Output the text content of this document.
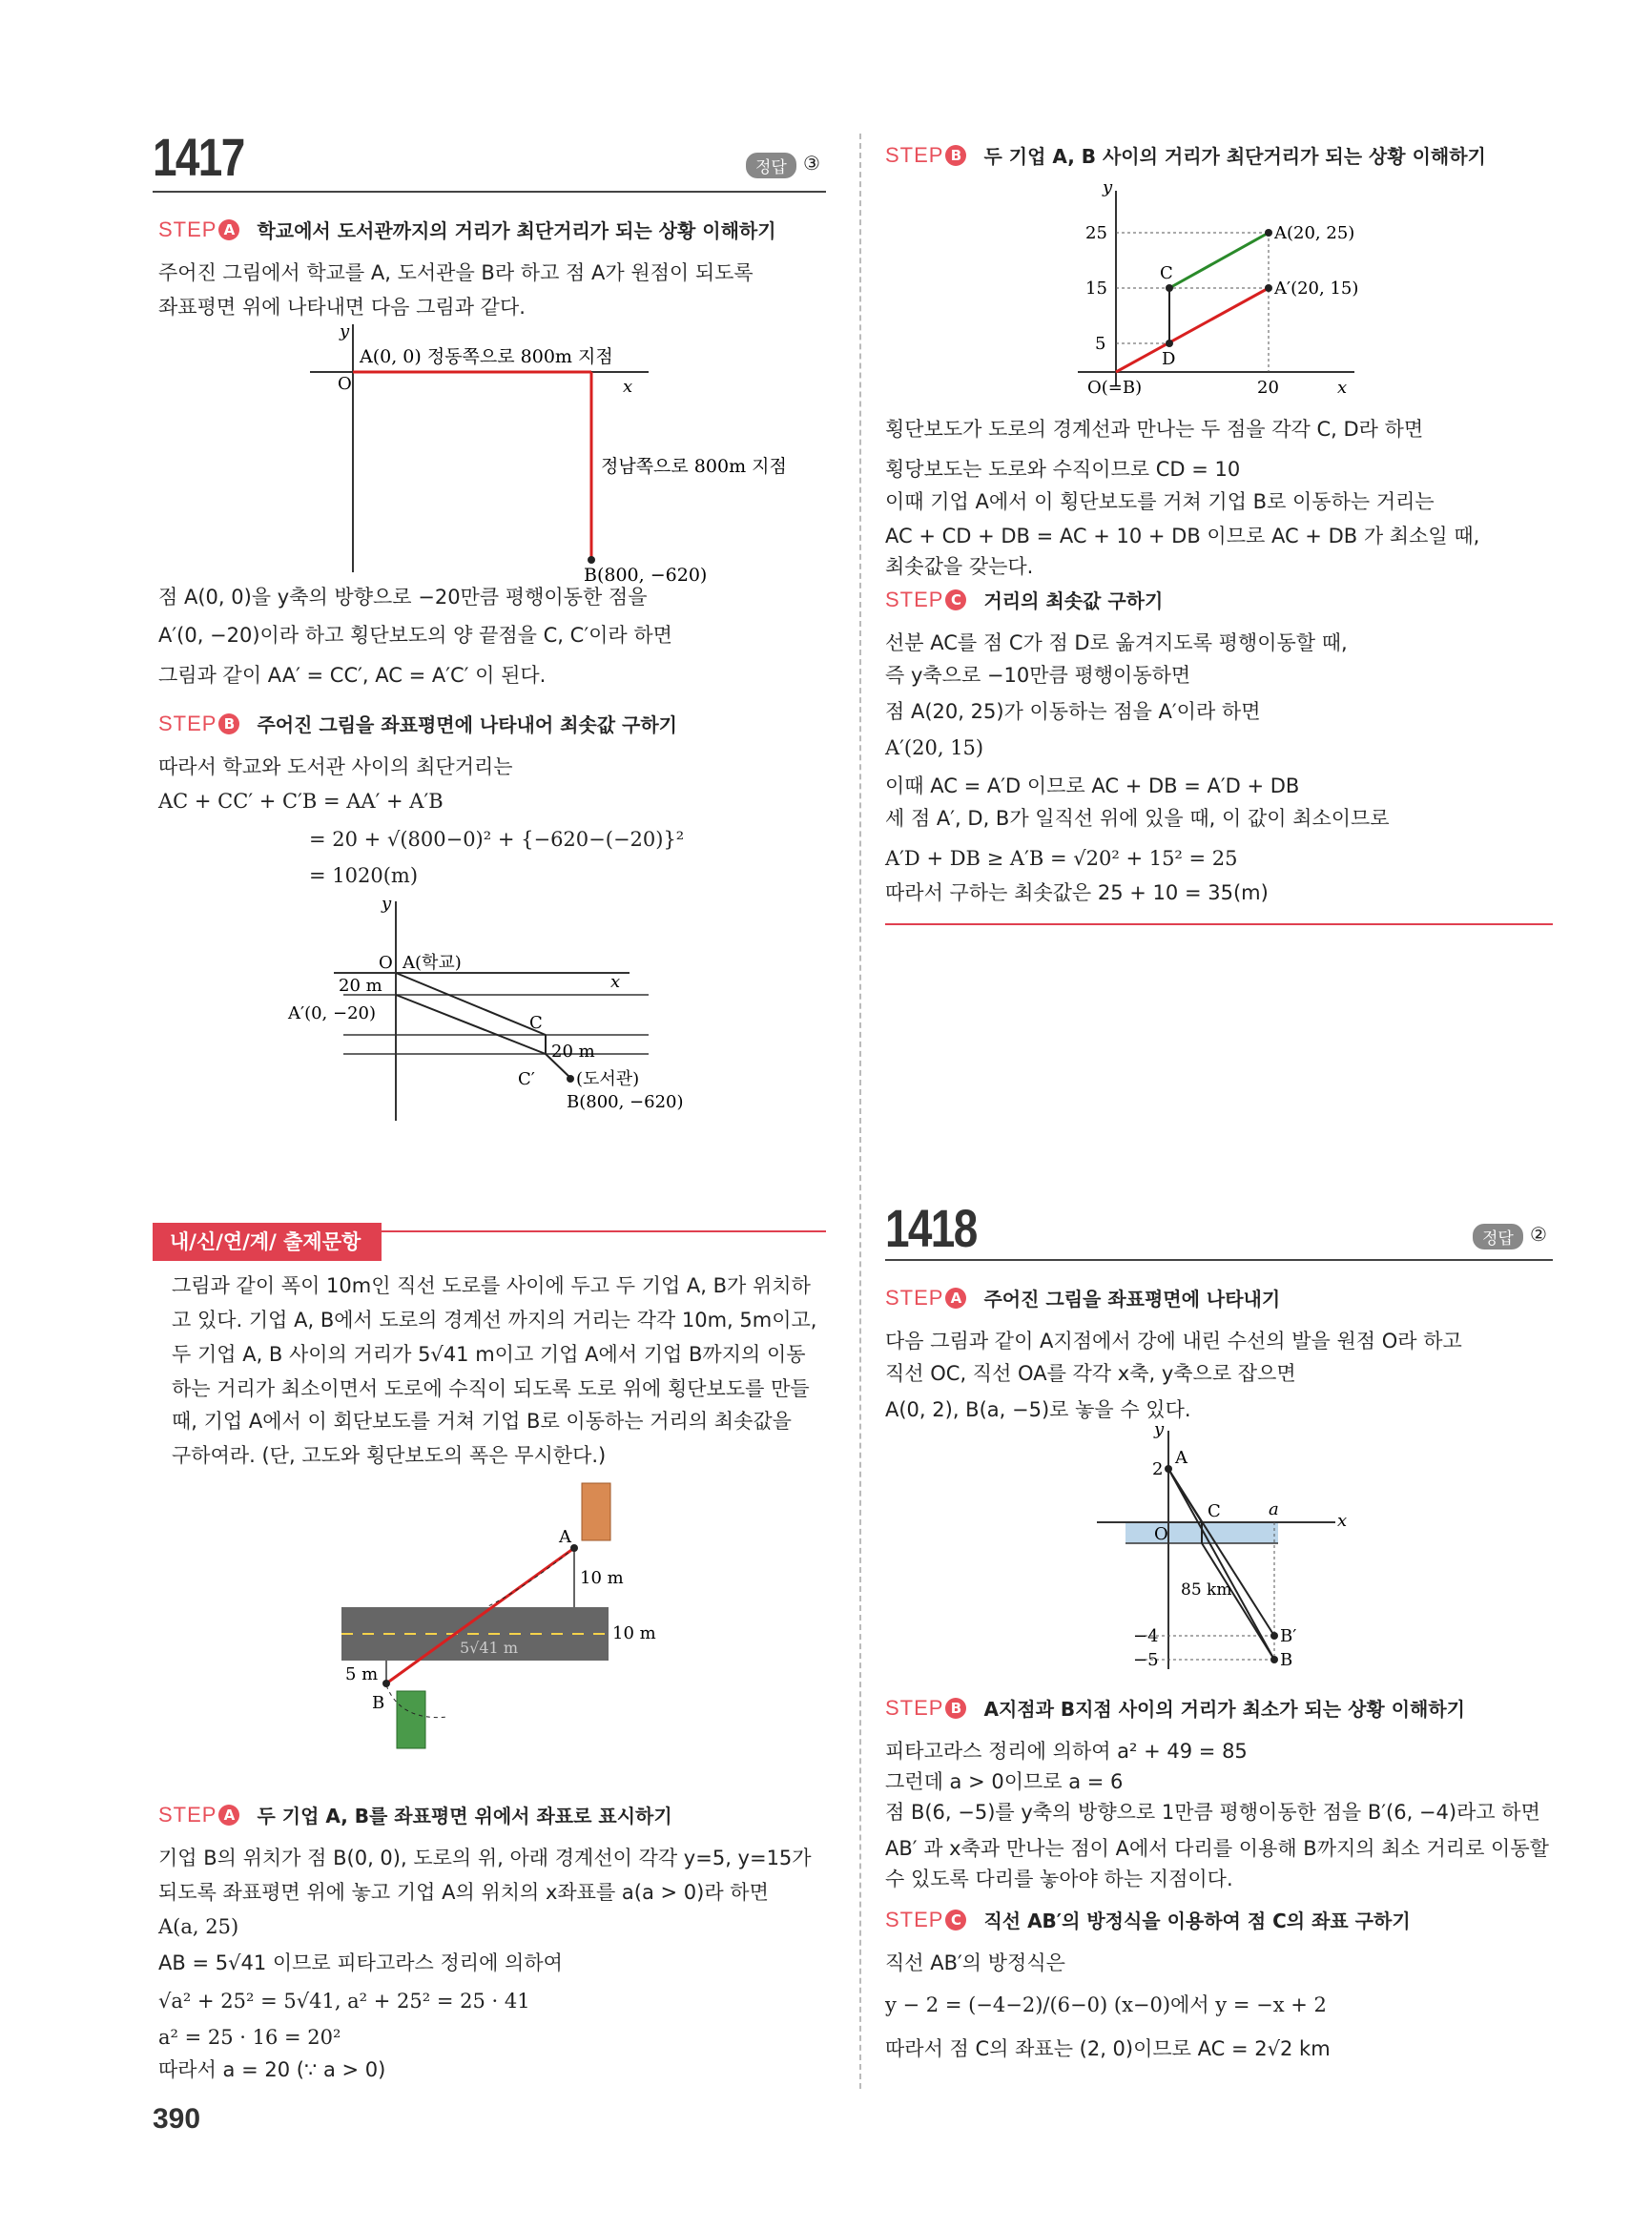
1417	정답 ③
STEP A 학교에서 도서관까지의 거리가 최단거리가 되는 상황 이해하기
주어진 그림에서 학교를 A, 도서관을 B라 하고 점 A가 원점이 되도록
좌표평면 위에 나타내면 다음 그림과 같다.
y
x
O
A(0, 0) 정동쪽으로 800m 지점
정남쪽으로 800m 지점
B(800, −620)
점 A(0, 0)을 y축의 방향으로 −20만큼 평행이동한 점을
A′(0, −20)이라 하고 횡단보도의 양 끝점을 C, C′이라 하면
그림과 같이 AA′ = CC′, AC = A′C′ 이 된다.
STEP B 주어진 그림을 좌표평면에 나타내어 최솟값 구하기
따라서 학교와 도서관 사이의 최단거리는
AC + CC′ + C′B = AA′ + A′B
= 20 + √(800−0)² + {−620−(−20)}²
= 1020(m)
y
x
O A(학교)
20 m
A′(0, −20)	C
20 m
C′ (도서관)
B(800, −620)
내/신/연/계/ 출제문항
그림과 같이 폭이 10m인 직선 도로를 사이에 두고 두 기업 A, B가 위치하
고 있다. 기업 A, B에서 도로의 경계선 까지의 거리는 각각 10m, 5m이고,
두 기업 A, B 사이의 거리가 5√41 m이고 기업 A에서 기업 B까지의 이동
하는 거리가 최소이면서 도로에 수직이 되도록 도로 위에 횡단보도를 만들
때, 기업 A에서 이 회단보도를 거쳐 기업 B로 이동하는 거리의 최솟값을
구하여라. (단, 고도와 횡단보도의 폭은 무시한다.)
A
B
10 m
10 m
5 m
5√41 m
STEP A 두 기업 A, B를 좌표평면 위에서 좌표로 표시하기
기업 B의 위치가 점 B(0, 0), 도로의 위, 아래 경계선이 각각 y=5, y=15가
되도록 좌표평면 위에 놓고 기업 A의 위치의 x좌표를 a(a > 0)라 하면
A(a, 25)
AB = 5√41 이므로 피타고라스 정리에 의하여
√a² + 25² = 5√41, a² + 25² = 25 · 41
a² = 25 · 16 = 20²
따라서 a = 20 (∵ a > 0)
390
STEP B 두 기업 A, B 사이의 거리가 최단거리가 되는 상황 이해하기
y
x
O(=B)
25
15
5
20
A(20, 25)
A′(20, 15)
C
D
횡단보도가 도로의 경계선과 만나는 두 점을 각각 C, D라 하면
횡당보도는 도로와 수직이므로 CD = 10
이때 기업 A에서 이 횡단보도를 거쳐 기업 B로 이동하는 거리는
AC + CD + DB = AC + 10 + DB 이므로 AC + DB 가 최소일 때,
최솟값을 갖는다.
STEP C 거리의 최솟값 구하기
선분 AC를 점 C가 점 D로 옮겨지도록 평행이동할 때,
즉 y축으로 −10만큼 평행이동하면
점 A(20, 25)가 이동하는 점을 A′이라 하면
A′(20, 15)
이때 AC = A′D 이므로 AC + DB = A′D + DB
세 점 A′, D, B가 일직선 위에 있을 때, 이 값이 최소이므로
A′D + DB ≥ A′B = √20² + 15² = 25
따라서 구하는 최솟값은 25 + 10 = 35(m)
1418	정답 ②
STEP A 주어진 그림을 좌표평면에 나타내기
다음 그림과 같이 A지점에서 강에 내린 수선의 발을 원점 O라 하고
직선 OC, 직선 OA를 각각 x축, y축으로 잡으면
A(0, 2), B(a, −5)로 놓을 수 있다.
y
x
O
2
A
C	a
85 km
−4
−5
B′
B
STEP B A지점과 B지점 사이의 거리가 최소가 되는 상황 이해하기
피타고라스 정리에 의하여 a² + 49 = 85
그런데 a > 0이므로 a = 6
점 B(6, −5)를 y축의 방향으로 1만큼 평행이동한 점을 B′(6, −4)라고 하면
AB′ 과 x축과 만나는 점이 A에서 다리를 이용해 B까지의 최소 거리로 이동할
수 있도록 다리를 놓아야 하는 지점이다.
STEP C 직선 AB′의 방정식을 이용하여 점 C의 좌표 구하기
직선 AB′의 방정식은
y − 2 = (−4−2)/(6−0) (x−0)에서 y = −x + 2
따라서 점 C의 좌표는 (2, 0)이므로 AC = 2√2 km
